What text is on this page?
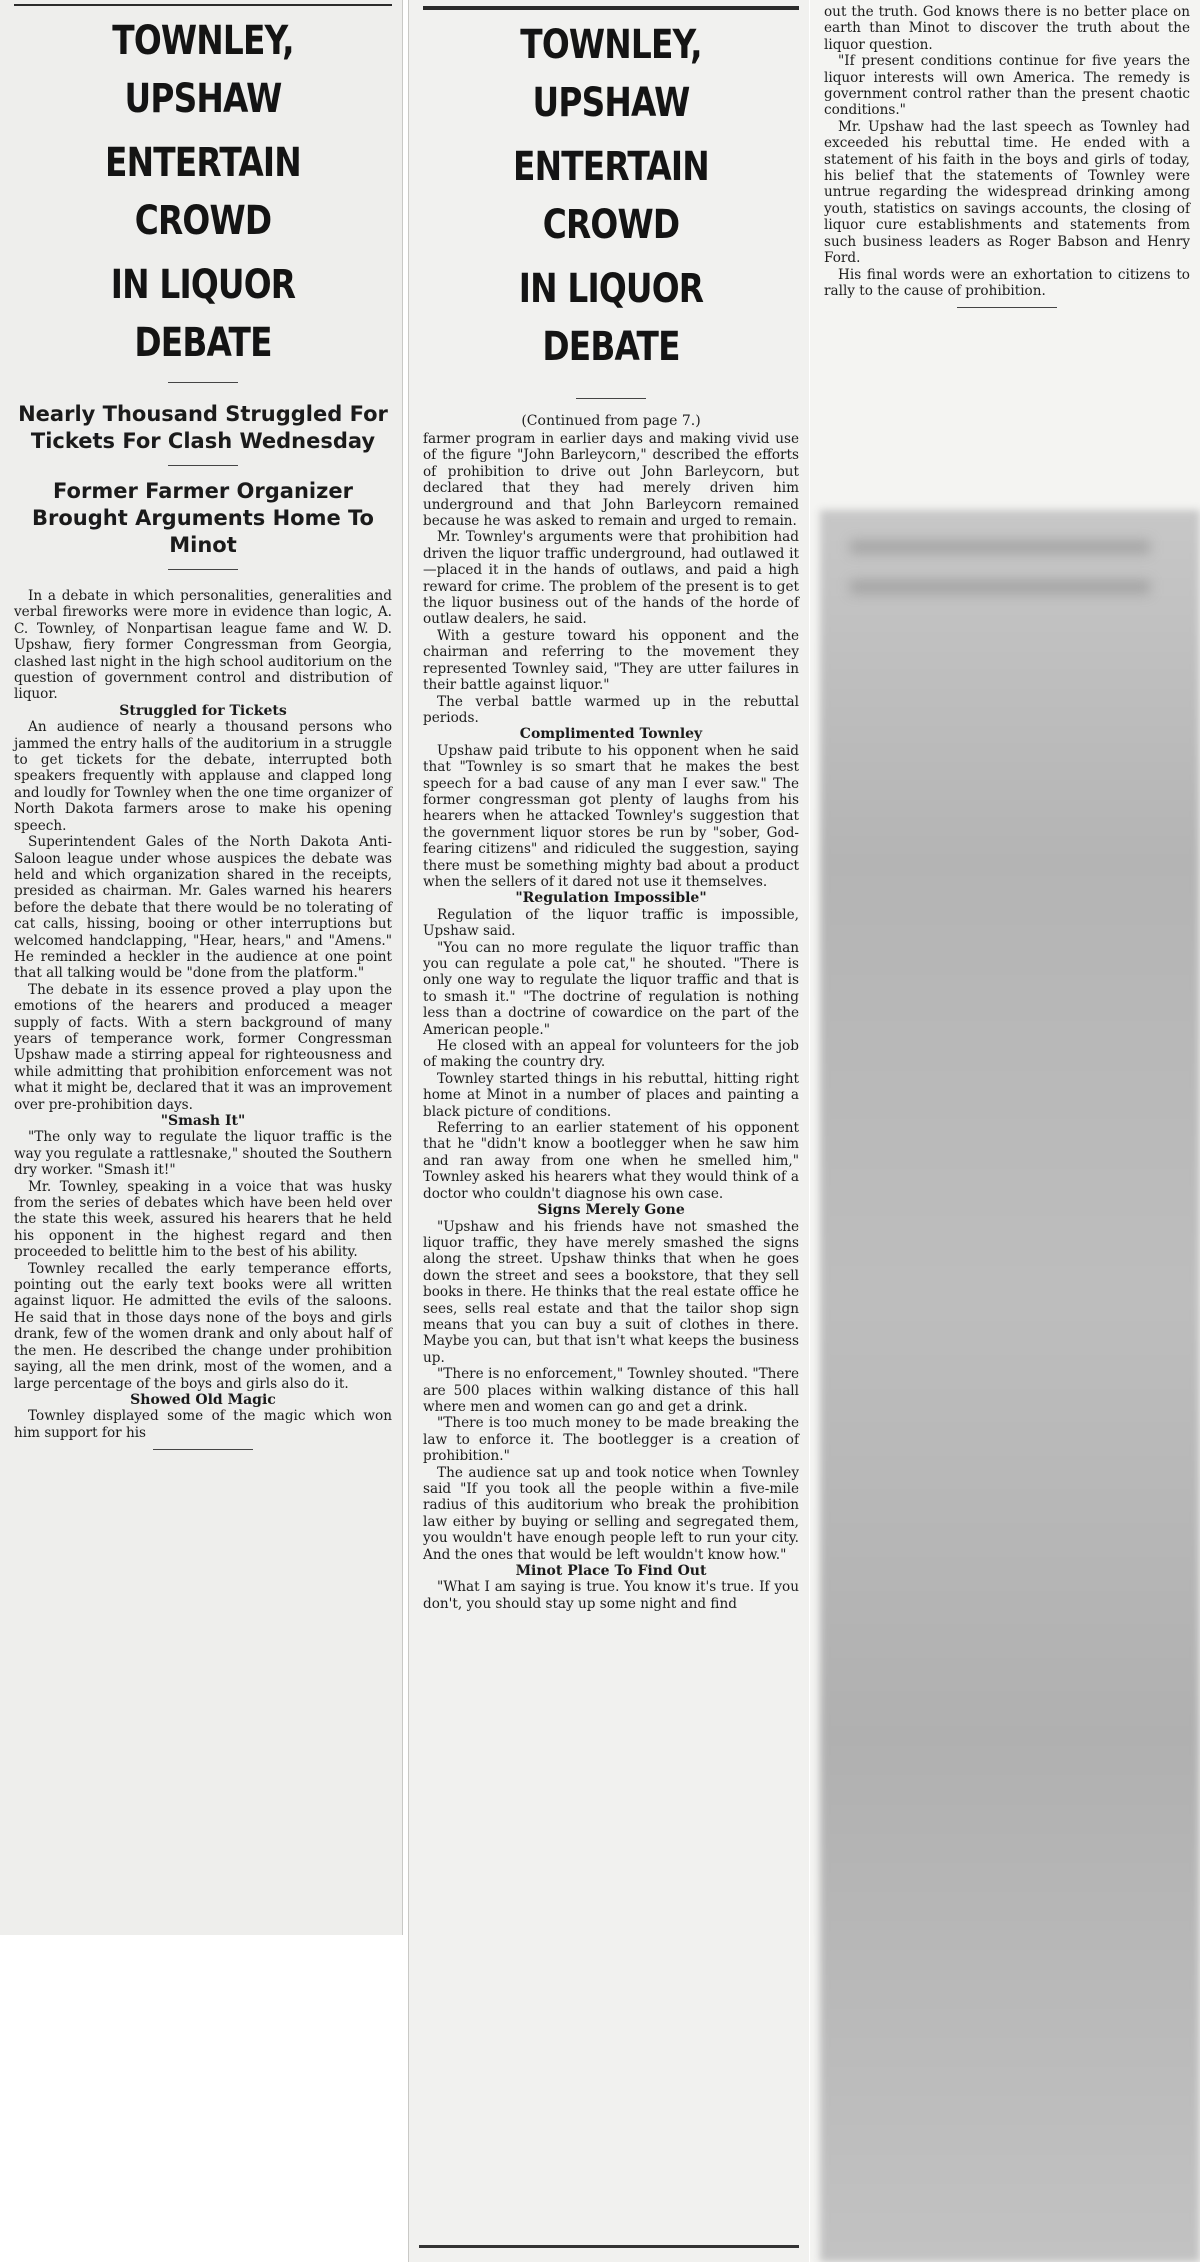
TOWNLEY, UPSHAW
ENTERTAIN CROWD
IN LIQUOR DEBATE
Nearly Thousand Struggled For Tickets For Clash Wednesday
Former Farmer Organizer Brought Arguments Home To Minot

In a debate in which personalities, generalities and verbal fireworks were more in evidence than logic, A. C. Townley, of Nonpartisan league fame and W. D. Upshaw, fiery former Congressman from Georgia, clashed last night in the high school auditorium on the question of government control and distribution of liquor.

Struggled for Tickets

An audience of nearly a thousand persons who jammed the entry halls of the auditorium in a struggle to get tickets for the debate, interrupted both speakers frequently with applause and clapped long and loudly for Townley when the one time organizer of North Dakota farmers arose to make his opening speech.

Superintendent Gales of the North Dakota Anti-Saloon league under whose auspices the debate was held and which organization shared in the receipts, presided as chairman. Mr. Gales warned his hearers before the debate that there would be no tolerating of cat calls, hissing, booing or other interruptions but welcomed handclapping, "Hear, hears," and "Amens." He reminded a heckler in the audience at one point that all talking would be "done from the platform."

The debate in its essence proved a play upon the emotions of the hearers and produced a meager supply of facts. With a stern background of many years of temperance work, former Congressman Upshaw made a stirring appeal for righteousness and while admitting that prohibition enforcement was not what it might be, declared that it was an improvement over pre-prohibition days.

"Smash It"

"The only way to regulate the liquor traffic is the way you regulate a rattlesnake," shouted the Southern dry worker. "Smash it!"

Mr. Townley, speaking in a voice that was husky from the series of debates which have been held over the state this week, assured his hearers that he held his opponent in the highest regard and then proceeded to belittle him to the best of his ability.

Townley recalled the early temperance efforts, pointing out the early text books were all written against liquor. He admitted the evils of the saloons. He said that in those days none of the boys and girls drank, few of the women drank and only about half of the men. He described the change under prohibition saying, all the men drink, most of the women, and a large percentage of the boys and girls also do it.

Showed Old Magic

Townley displayed some of the magic which won him support for his

TOWNLEY, UPSHAW
ENTERTAIN CROWD
IN LIQUOR DEBATE

(Continued from page 7.)

farmer program in earlier days and making vivid use of the figure "John Barleycorn," described the efforts of prohibition to drive out John Barleycorn, but declared that they had merely driven him underground and that John Barleycorn remained because he was asked to remain and urged to remain.

Mr. Townley's arguments were that prohibition had driven the liquor traffic underground, had outlawed it—placed it in the hands of outlaws, and paid a high reward for crime. The problem of the present is to get the liquor business out of the hands of the horde of outlaw dealers, he said.

With a gesture toward his opponent and the chairman and referring to the movement they represented Townley said, "They are utter failures in their battle against liquor."

The verbal battle warmed up in the rebuttal periods.

Complimented Townley

Upshaw paid tribute to his opponent when he said that "Townley is so smart that he makes the best speech for a bad cause of any man I ever saw." The former congressman got plenty of laughs from his hearers when he attacked Townley's suggestion that the government liquor stores be run by "sober, God-fearing citizens" and ridiculed the suggestion, saying there must be something mighty bad about a product when the sellers of it dared not use it themselves.

"Regulation Impossible"

Regulation of the liquor traffic is impossible, Upshaw said.

"You can no more regulate the liquor traffic than you can regulate a pole cat," he shouted. "There is only one way to regulate the liquor traffic and that is to smash it." "The doctrine of regulation is nothing less than a doctrine of cowardice on the part of the American people."

He closed with an appeal for volunteers for the job of making the country dry.

Townley started things in his rebuttal, hitting right home at Minot in a number of places and painting a black picture of conditions.

Referring to an earlier statement of his opponent that he "didn't know a bootlegger when he saw him and ran away from one when he smelled him," Townley asked his hearers what they would think of a doctor who couldn't diagnose his own case.

Signs Merely Gone

"Upshaw and his friends have not smashed the liquor traffic, they have merely smashed the signs along the street. Upshaw thinks that when he goes down the street and sees a bookstore, that they sell books in there. He thinks that the real estate office he sees, sells real estate and that the tailor shop sign means that you can buy a suit of clothes in there. Maybe you can, but that isn't what keeps the business up.

"There is no enforcement," Townley shouted. "There are 500 places within walking distance of this hall where men and women can go and get a drink.

"There is too much money to be made breaking the law to enforce it. The bootlegger is a creation of prohibition."

The audience sat up and took notice when Townley said "If you took all the people within a five-mile radius of this auditorium who break the prohibition law either by buying or selling and segregated them, you wouldn't have enough people left to run your city. And the ones that would be left wouldn't know how."

Minot Place To Find Out

"What I am saying is true. You know it's true. If you don't, you should stay up some night and find

out the truth. God knows there is no better place on earth than Minot to discover the truth about the liquor question.

"If present conditions continue for five years the liquor interests will own America. The remedy is government control rather than the present chaotic conditions."

Mr. Upshaw had the last speech as Townley had exceeded his rebuttal time. He ended with a statement of his faith in the boys and girls of today, his belief that the statements of Townley were untrue regarding the widespread drinking among youth, statistics on savings accounts, the closing of liquor cure establishments and statements from such business leaders as Roger Babson and Henry Ford.

His final words were an exhortation to citizens to rally to the cause of prohibition.
